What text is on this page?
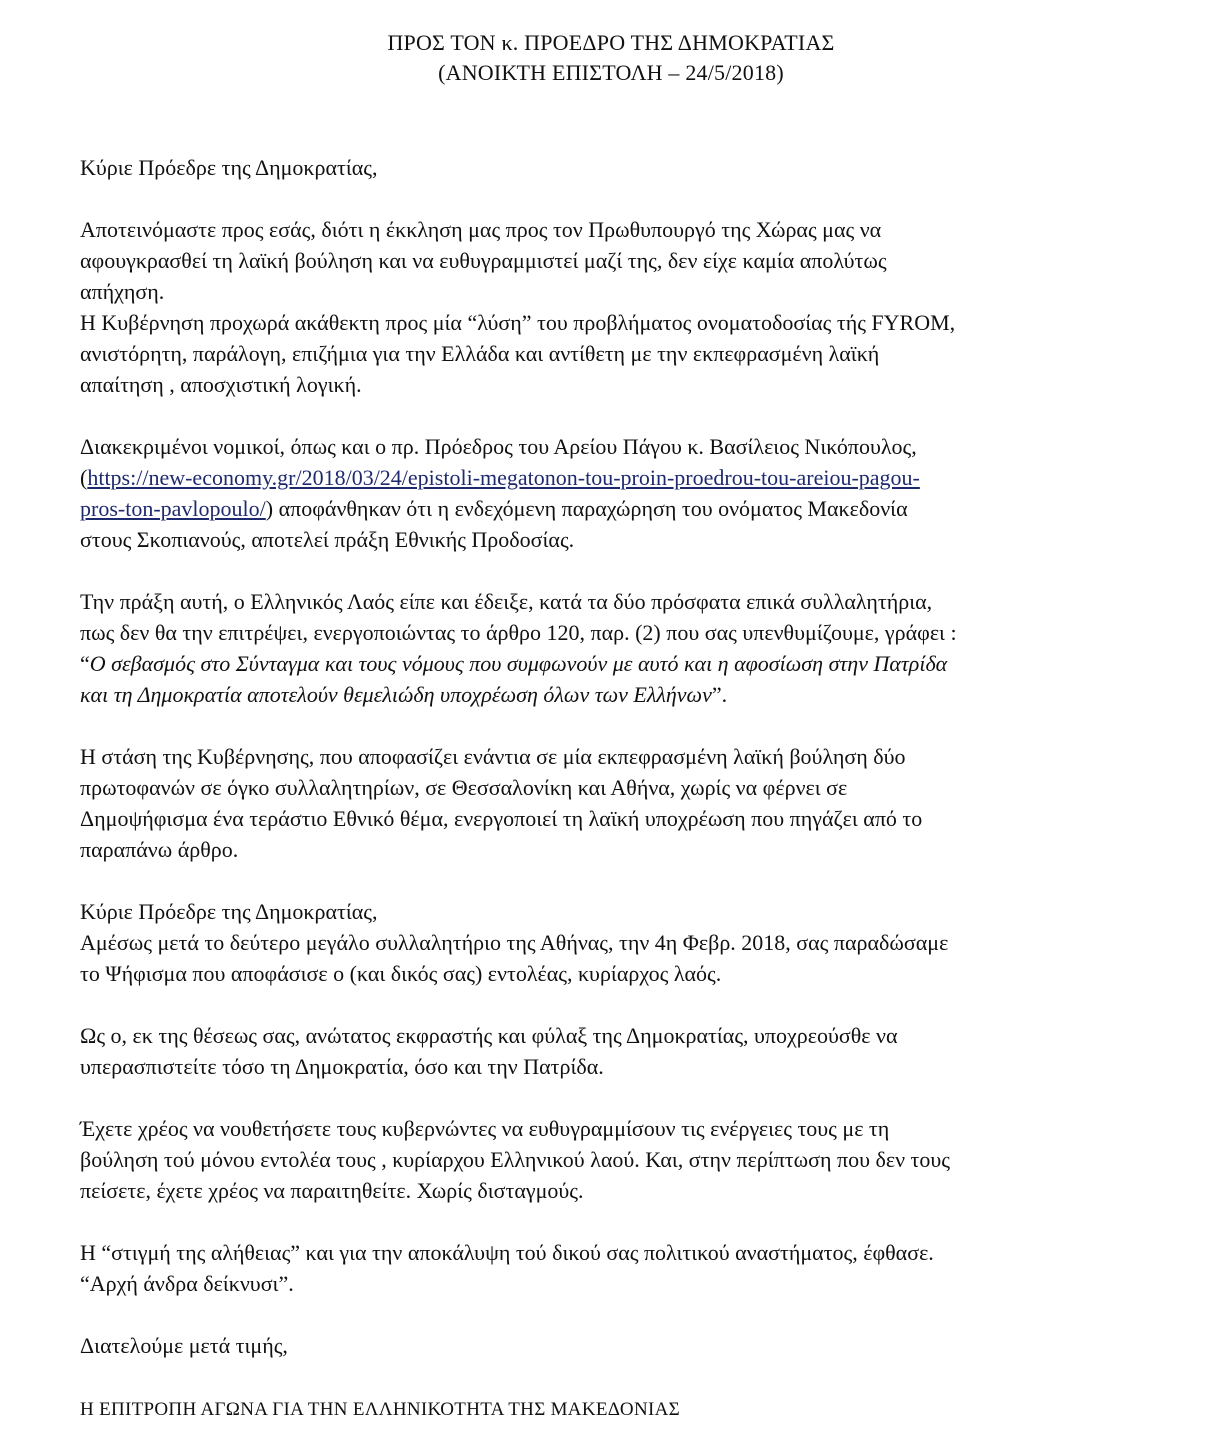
ΠΡΟΣ ΤΟΝ κ. ΠΡΟΕΔΡΟ ΤΗΣ ΔΗΜΟΚΡΑΤΙΑΣ
(ΑΝΟΙΚΤΗ ΕΠΙΣΤΟΛΗ – 24/5/2018)

Κύριε Πρόεδρε της Δημοκρατίας,

Αποτεινόμαστε προς εσάς, διότι η έκκληση μας προς τον Πρωθυπουργό της Χώρας μας να
αφουγκρασθεί τη λαϊκή βούληση και να ευθυγραμμιστεί μαζί της, δεν είχε καμία απολύτως
απήχηση.
Η Κυβέρνηση προχωρά ακάθεκτη προς μία “λύση” του προβλήματος ονοματοδοσίας τής FYROM,
ανιστόρητη, παράλογη, επιζήμια για την Ελλάδα και αντίθετη με την εκπεφρασμένη λαϊκή
απαίτηση , αποσχιστική λογική.

Διακεκριμένοι νομικοί, όπως και ο πρ. Πρόεδρος του Αρείου Πάγου κ. Βασίλειος Νικόπουλος,
(https://new-economy.gr/2018/03/24/epistoli-megatonon-tou-proin-proedrou-tou-areiou-pagou-
pros-ton-pavlopoulo/) αποφάνθηκαν ότι η ενδεχόμενη παραχώρηση του ονόματος Μακεδονία
στους Σκοπιανούς, αποτελεί πράξη Εθνικής Προδοσίας.

Την πράξη αυτή, ο Ελληνικός Λαός είπε και έδειξε, κατά τα δύο πρόσφατα επικά συλλαλητήρια,
πως δεν θα την επιτρέψει, ενεργοποιώντας το άρθρο 120, παρ. (2) που σας υπενθυμίζουμε, γράφει :
“Ο σεβασμός στο Σύνταγμα και τους νόμους που συμφωνούν με αυτό και η αφοσίωση στην Πατρίδα
και τη Δημοκρατία αποτελούν θεμελιώδη υποχρέωση όλων των Ελλήνων”.

Η στάση της Κυβέρνησης, που αποφασίζει ενάντια σε μία εκπεφρασμένη λαϊκή βούληση δύο
πρωτοφανών σε όγκο συλλαλητηρίων, σε Θεσσαλονίκη και Αθήνα, χωρίς να φέρνει σε
Δημοψήφισμα ένα τεράστιο Εθνικό θέμα, ενεργοποιεί τη λαϊκή υποχρέωση που πηγάζει από το
παραπάνω άρθρο.

Κύριε Πρόεδρε της Δημοκρατίας,
Αμέσως μετά το δεύτερο μεγάλο συλλαλητήριο της Αθήνας, την 4η Φεβρ. 2018, σας παραδώσαμε
το Ψήφισμα που αποφάσισε ο (και δικός σας) εντολέας, κυρίαρχος λαός.

Ως ο, εκ της θέσεως σας, ανώτατος εκφραστής και φύλαξ της Δημοκρατίας, υποχρεούσθε να
υπερασπιστείτε τόσο τη Δημοκρατία, όσο και την Πατρίδα.

Έχετε χρέος να νουθετήσετε τους κυβερνώντες να ευθυγραμμίσουν τις ενέργειες τους με τη
βούληση τού μόνου εντολέα τους , κυρίαρχου Ελληνικού λαού. Και, στην περίπτωση που δεν τους
πείσετε, έχετε χρέος να παραιτηθείτε. Χωρίς δισταγμούς.

Η “στιγμή της αλήθειας” και για την αποκάλυψη τού δικού σας πολιτικού αναστήματος, έφθασε.
“Αρχή άνδρα δείκνυσι”.

Διατελούμε μετά τιμής,

Η ΕΠΙΤΡΟΠΗ ΑΓΩΝΑ ΓΙΑ ΤΗΝ ΕΛΛΗΝΙΚΟΤΗΤΑ ΤΗΣ ΜΑΚΕΔΟΝΙΑΣ
